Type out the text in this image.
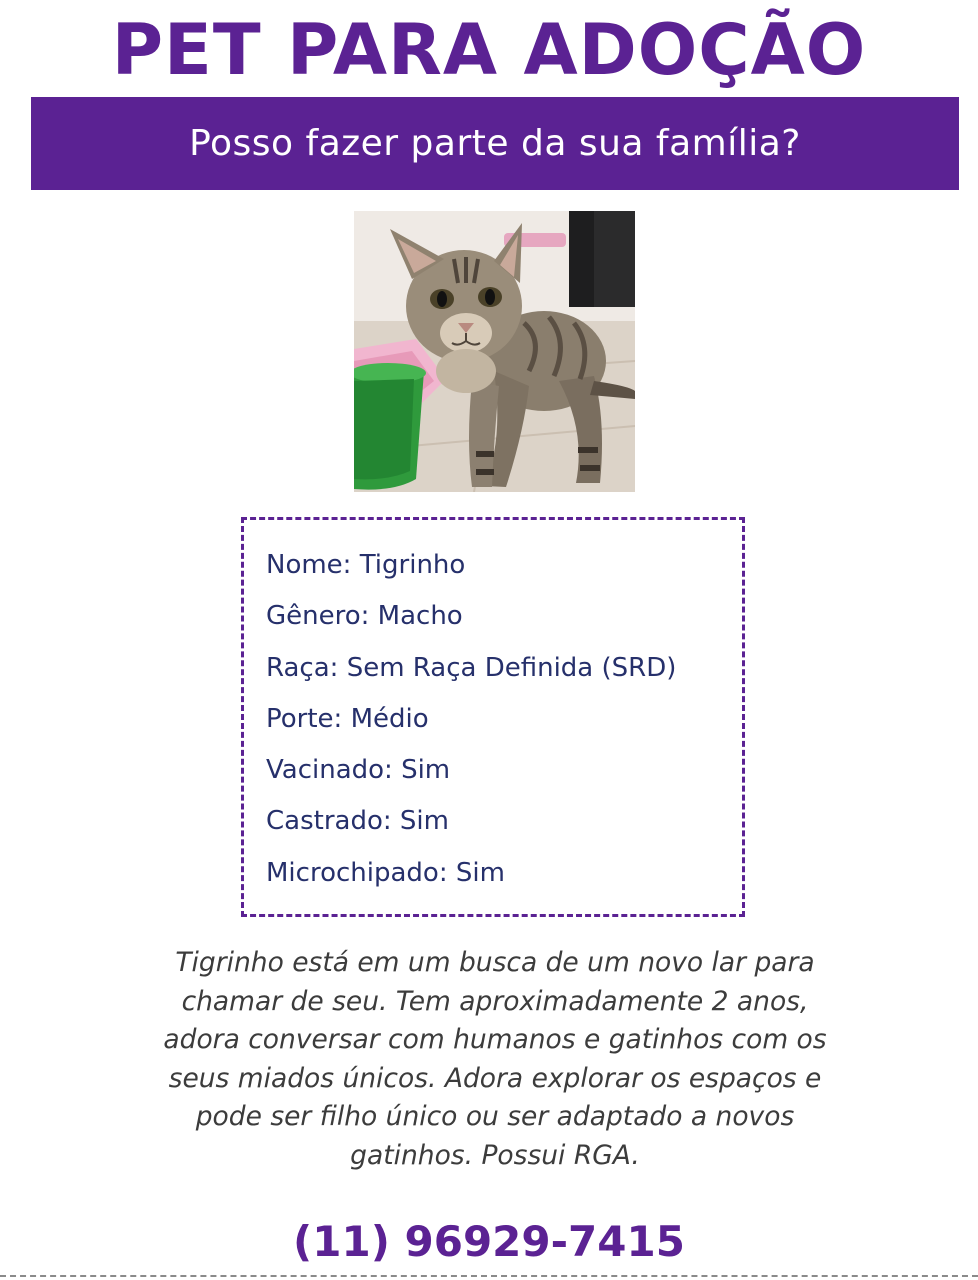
PET PARA ADOÇÃO
Posso fazer parte da sua família?
Nome: Tigrinho
Gênero: Macho
Raça: Sem Raça Definida (SRD)
Porte: Médio
Vacinado: Sim
Castrado: Sim
Microchipado: Sim

Tigrinho está em um busca de um novo lar para
chamar de seu. Tem aproximadamente 2 anos,
adora conversar com humanos e gatinhos com os
seus miados únicos. Adora explorar os espaços e
pode ser filho único ou ser adaptado a novos
gatinhos. Possui RGA.

(11) 96929-7415
